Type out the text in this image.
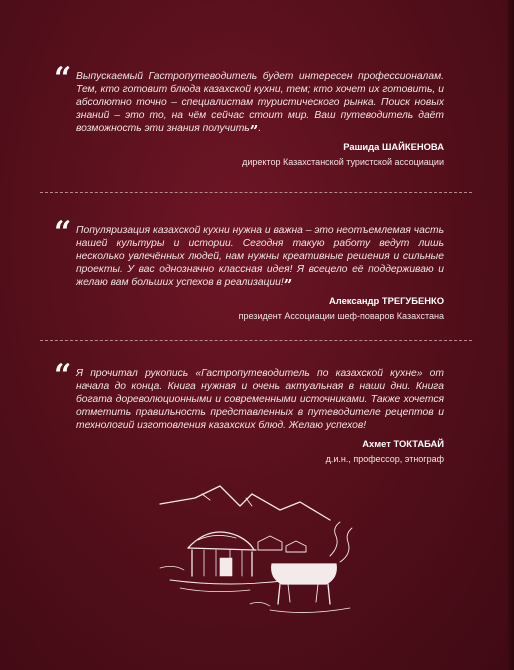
“ Выпускаемый Гастропутеводитель будет интересен профессионалам. Тем, кто готовит блюда казахской кухни, тем; кто хочет их готовить, и абсолютно точно – специалистам туристического рынка. Поиск новых знаний – это то, на чём сейчас стоит мир. Ваш путеводитель даёт возможность эти знания получить”.

Рашида ШАЙКЕНОВА
директор Казахстанской туристской ассоциации
“ Популяризация казахской кухни нужна и важна – это неотъемлемая часть нашей культуры и истории. Сегодня такую работу ведут лишь несколько увлечённых людей, нам нужны креативные решения и сильные проекты. У вас однозначно классная идея! Я всецело её поддерживаю и желаю вам больших успехов в реализации!”

Александр ТРЕГУБЕНКО
президент Ассоциации шеф-поваров Казахстана
“ Я прочитал рукопись «Гастропутеводитель по казахской кухне» от начала до конца. Книга нужная и очень актуальная в наши дни. Книга богата дореволюционными и современными источниками. Также хочется отметить правильность представленных в путеводителе рецептов и технологий изготовления казахских блюд. Желаю успехов!

Ахмет ТОКТАБАЙ
д.и.н., профессор, этнограф
